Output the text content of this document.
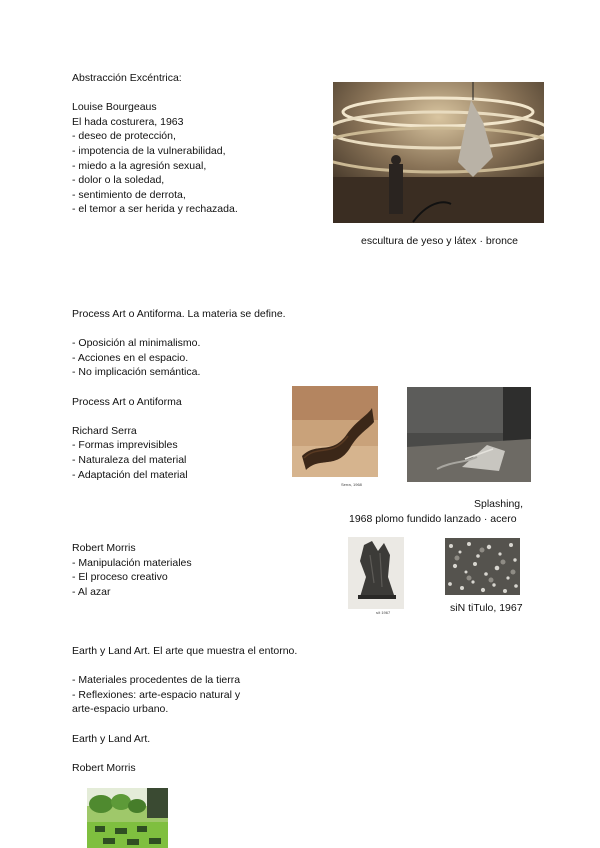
Abstracción Excéntrica:
Louise Bourgeaus
El hada costurera, 1963
- deseo de protección,
- impotencia de la vulnerabilidad,
- miedo a la agresión sexual,
- dolor o la soledad,
- sentimiento de derrota,
- el temor a ser herida y rechazada.
escultura de yeso y látex · bronce
Process Art o Antiforma. La materia se define.
- Oposición al minimalismo.
- Acciones en el espacio.
- No implicación semántica.
Process Art o Antiforma
Richard Serra
- Formas imprevisibles
- Naturaleza del material
- Adaptación del material
Serra, 1968
Splashing,
1968 plomo fundido lanzado · acero
Robert Morris
- Manipulación materiales
- El proceso creativo
- Al azar
s/t 1967	siN tiTulo, 1967
Earth y Land Art. El arte que muestra el entorno.
- Materiales procedentes de la tierra
- Reflexiones: arte-espacio natural y
arte-espacio urbano.
Earth y Land Art.
Robert Morris
